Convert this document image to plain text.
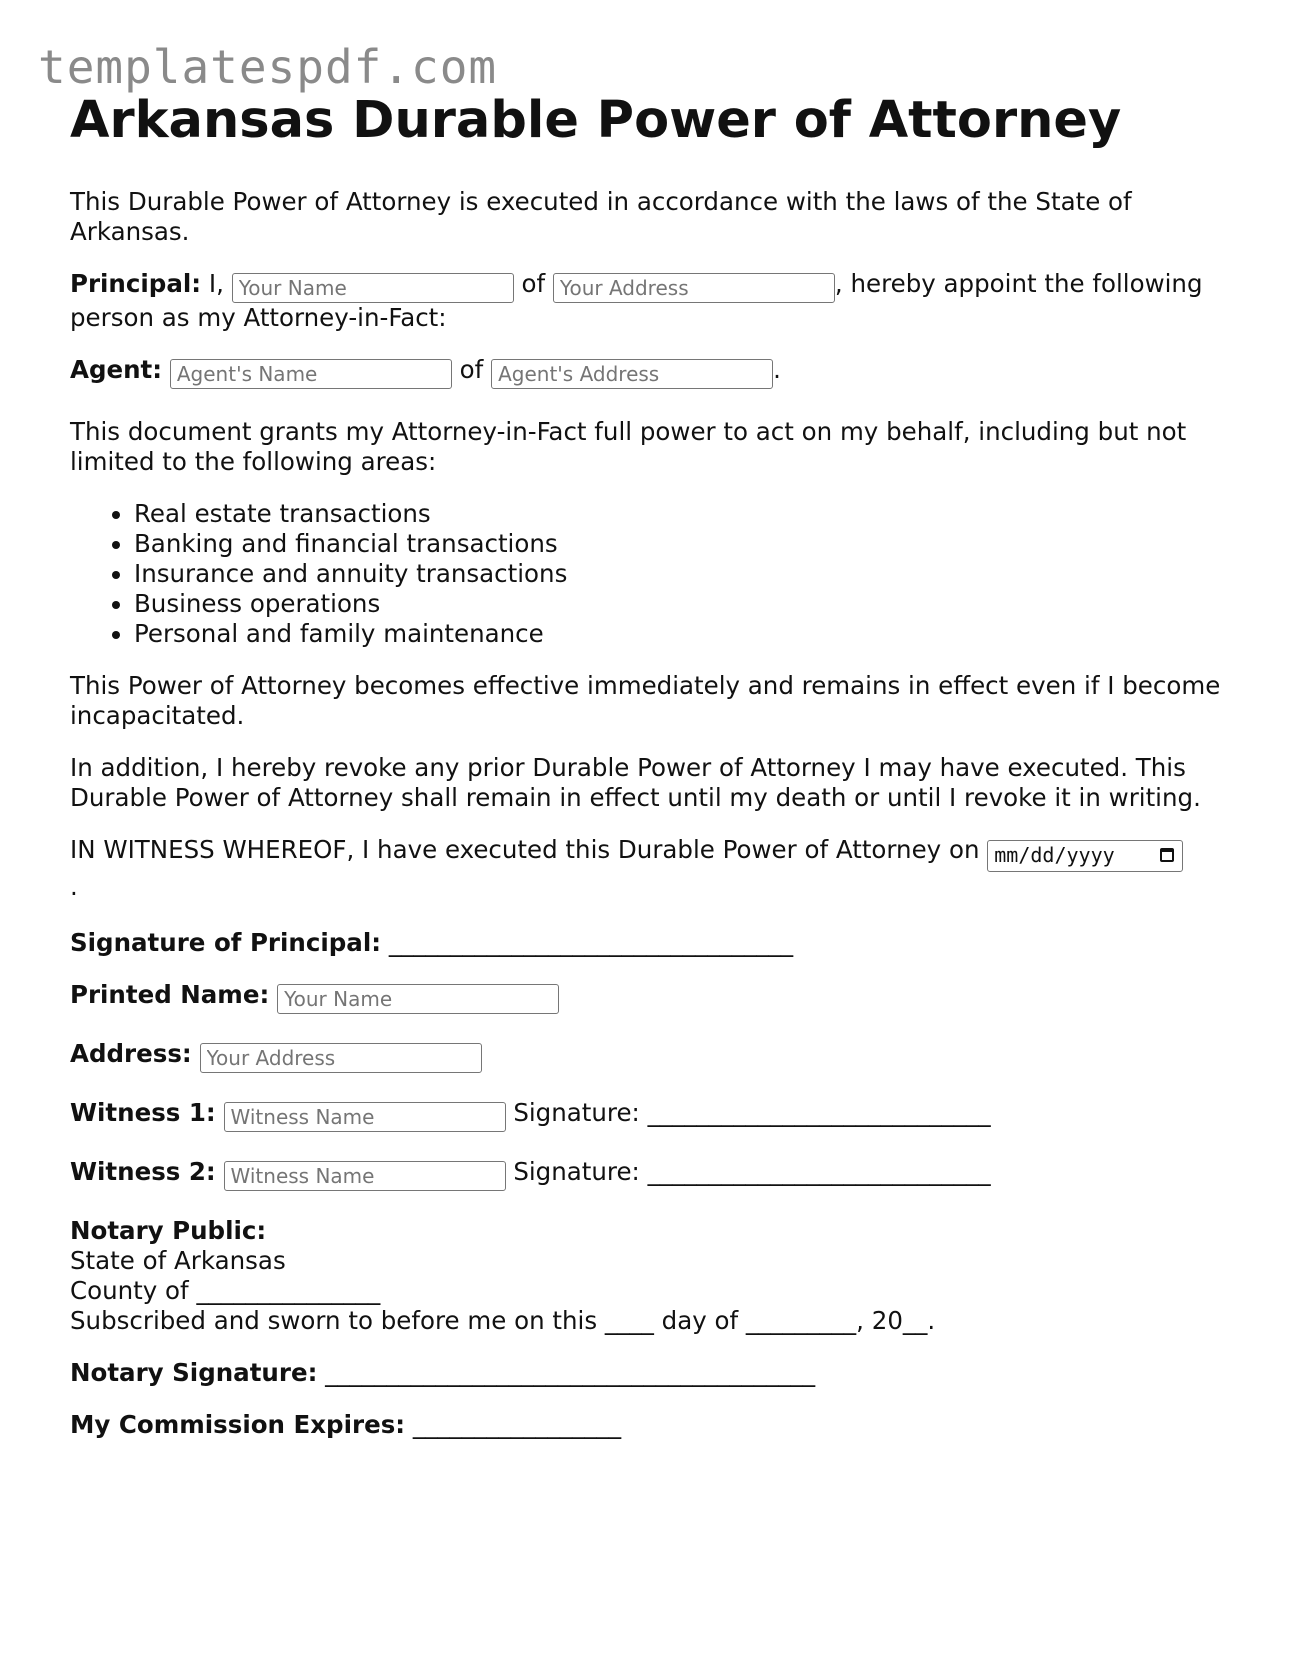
templatespdf.com
Arkansas Durable Power of Attorney

This Durable Power of Attorney is executed in accordance with the laws of the State of Arkansas.

Principal: I, Your Name	of Your Address	, hereby appoint the following person as my Attorney-in-Fact:

Agent: Agent's Name	of Agent's Address	.

This document grants my Attorney-in-Fact full power to act on my behalf, including but not limited to the following areas:

• Real estate transactions
• Banking and financial transactions
• Insurance and annuity transactions
• Business operations
• Personal and family maintenance

This Power of Attorney becomes effective immediately and remains in effect even if I become incapacitated.

In addition, I hereby revoke any prior Durable Power of Attorney I may have executed. This Durable Power of Attorney shall remain in effect until my death or until I revoke it in writing.

IN WITNESS WHEREOF, I have executed this Durable Power of Attorney on mm/dd/yyyy

.

Signature of Principal: _________________________________

Printed Name: Your Name

Address: Your Address

Witness 1: Witness Name	Signature: ____________________________

Witness 2: Witness Name	Signature: ____________________________

Notary Public:
State of Arkansas
County of _______________
Subscribed and sworn to before me on this ____ day of _________, 20__.

Notary Signature: ________________________________________

My Commission Expires: _________________
